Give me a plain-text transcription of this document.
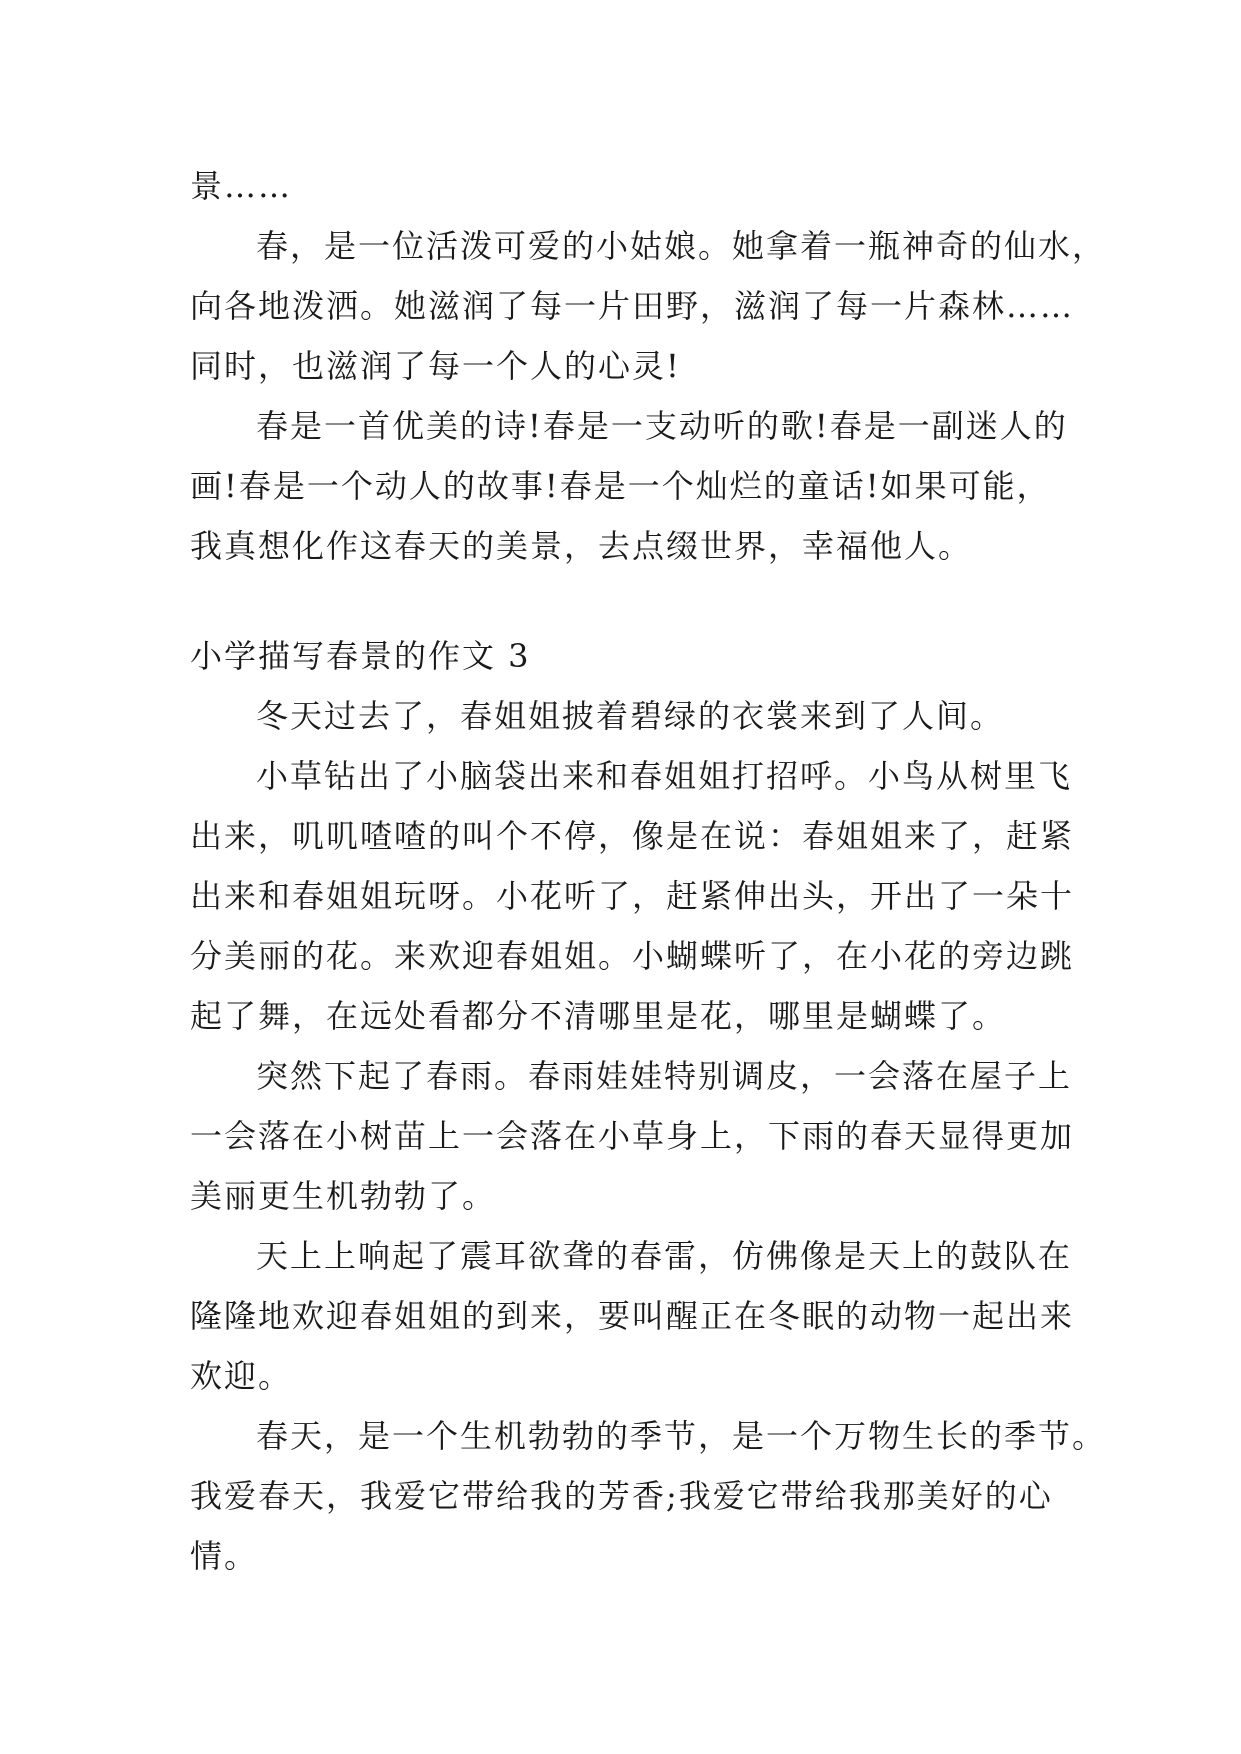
景……
春，是一位活泼可爱的小姑娘。她拿着一瓶神奇的仙水，
向各地泼洒。她滋润了每一片田野，滋润了每一片森林……
同时，也滋润了每一个人的心灵!
春是一首优美的诗!春是一支动听的歌!春是一副迷人的
画!春是一个动人的故事!春是一个灿烂的童话!如果可能，
我真想化作这春天的美景，去点缀世界，幸福他人。
小学描写春景的作文 3
冬天过去了，春姐姐披着碧绿的衣裳来到了人间。
小草钻出了小脑袋出来和春姐姐打招呼。小鸟从树里飞
出来，叽叽喳喳的叫个不停，像是在说：春姐姐来了，赶紧
出来和春姐姐玩呀。小花听了，赶紧伸出头，开出了一朵十
分美丽的花。来欢迎春姐姐。小蝴蝶听了，在小花的旁边跳
起了舞，在远处看都分不清哪里是花，哪里是蝴蝶了。
突然下起了春雨。春雨娃娃特别调皮，一会落在屋子上
一会落在小树苗上一会落在小草身上，下雨的春天显得更加
美丽更生机勃勃了。
天上上响起了震耳欲聋的春雷，仿佛像是天上的鼓队在
隆隆地欢迎春姐姐的到来，要叫醒正在冬眠的动物一起出来
欢迎。
春天，是一个生机勃勃的季节，是一个万物生长的季节。
我爱春天，我爱它带给我的芳香;我爱它带给我那美好的心
情。
